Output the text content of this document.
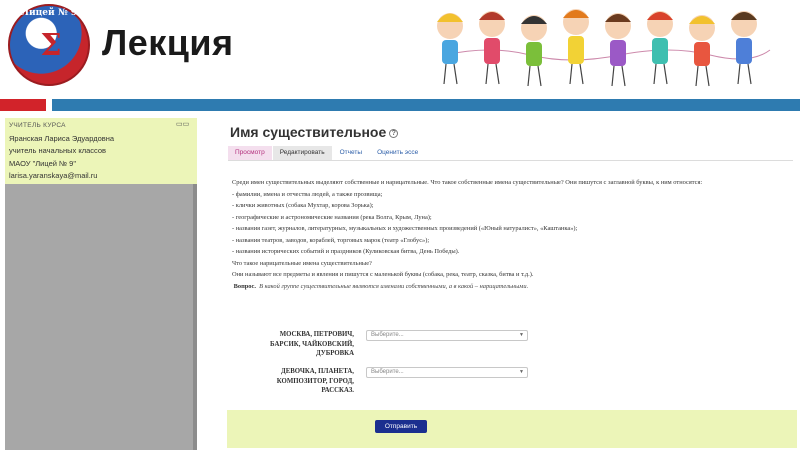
Лицей № 9
Σ Лекция
УЧИТЕЛЬ КУРСА
Яранская Лариса Эдуардовна
учитель начальных классов
МАОУ "Лицей № 9"
larisa.yaranskaya@mail.ru
▭▭	Имя существительное ?
Просмотр	Редактировать	Отчеты	Оценить эссе

Среди имен существительных выделяют собственные и нарицательные. Что такое собственные имена существительные? Они пишутся с заглавной буквы, к ним относятся:

- фамилии, имена и отчества людей, а также прозвища;

- клички животных (собака Мухтар, корова Зорька);

- географические и астрономические названия (река Волга, Крым, Луна);

- названия газет, журналов, литературных, музыкальных и художественных произведений («Юный натуралист», «Каштанка»);

- названия театров, заводов, кораблей, торговых марок (театр «Глобус»);

- названия исторических событий и праздников (Куликовская битва, День Победы).

Что такое нарицательные имена существительные?

Они называют все предметы и явления и пишутся с маленькой буквы (собака, река, театр, сказка, битва и т.д.).

Вопрос. В какой группе существительные являются именами собственными, а в какой – нарицательными.

МОСКВА, ПЕТРОВИЧ,
БАРСИК, ЧАЙКОВСКИЙ,
ДУБРОВКА
Выберите...	▼
ДЕВОЧКА, ПЛАНЕТА,
КОМПОЗИТОР, ГОРОД,
РАССКАЗ.
Выберите...	▼
Отправить
